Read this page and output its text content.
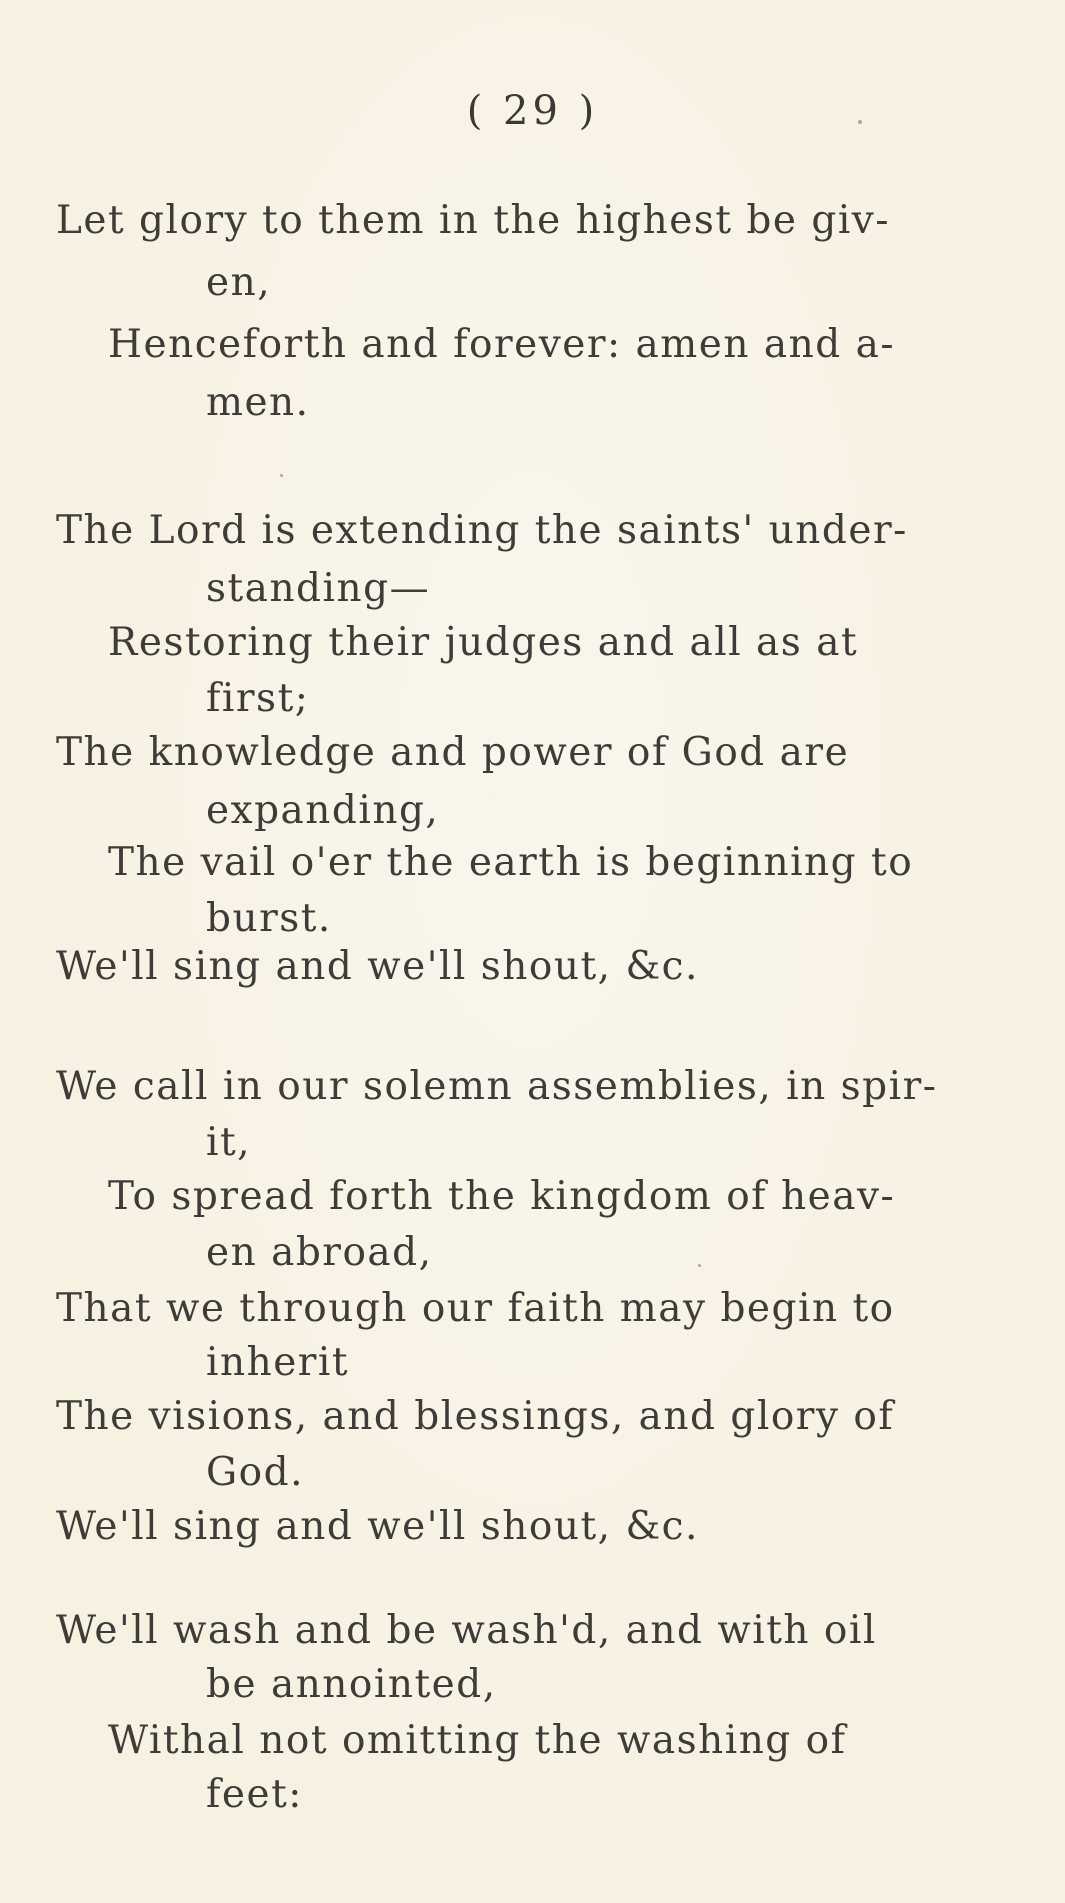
( 29 )
Let glory to them in the highest be giv-
en,
Henceforth and forever: amen and a-
men.
The Lord is extending the saints' under-
standing—
Restoring their judges and all as at
first;
The knowledge and power of God are
expanding,
The vail o'er the earth is beginning to
burst.
We'll sing and we'll shout, &c.
We call in our solemn assemblies, in spir-
it,
To spread forth the kingdom of heav-
en abroad,
That we through our faith may begin to
inherit
The visions, and blessings, and glory of
God.
We'll sing and we'll shout, &c.
We'll wash and be wash'd, and with oil
be annointed,
Withal not omitting the washing of
feet:
